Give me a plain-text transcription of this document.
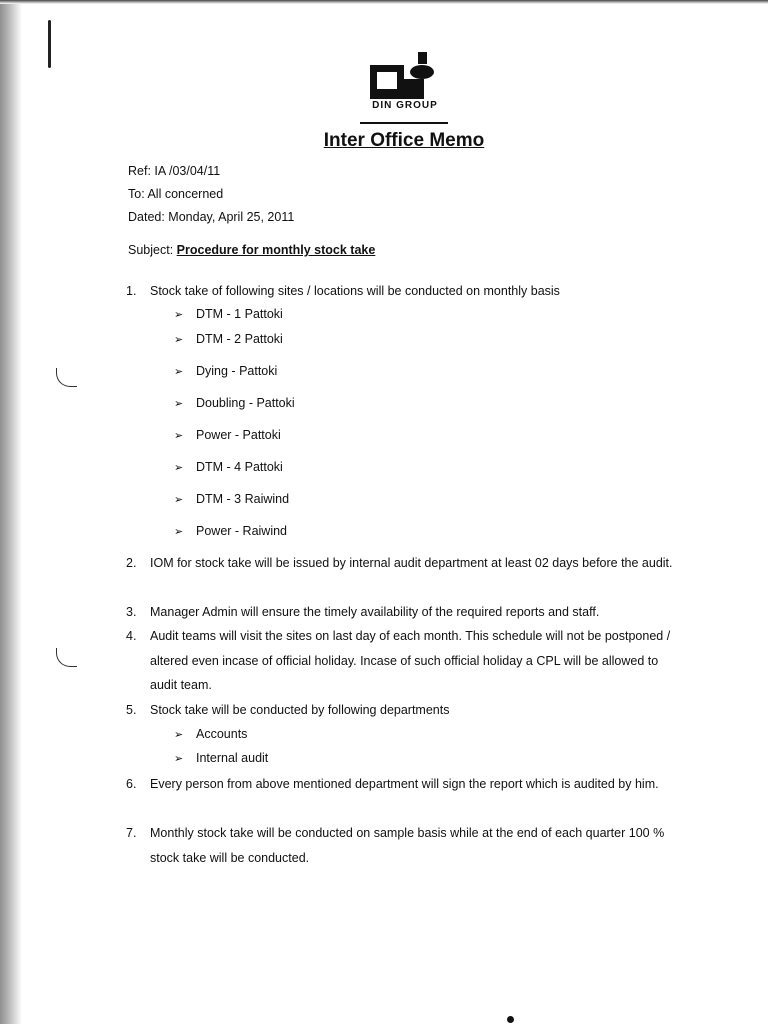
DIN GROUP
Inter Office Memo
Ref: IA /03/04/11
To: All concerned
Dated: Monday, April 25, 2011
Subject: Procedure for monthly stock take
1. Stock take of following sites / locations will be conducted on monthly basis
➢ DTM - 1 Pattoki
➢ DTM - 2 Pattoki
➢ Dying - Pattoki
➢ Doubling - Pattoki
➢ Power - Pattoki
➢ DTM - 4 Pattoki
➢ DTM - 3 Raiwind
➢ Power - Raiwind
2. IOM for stock take will be issued by internal audit department at least 02 days before the audit.
3. Manager Admin will ensure the timely availability of the required reports and staff.
4. Audit teams will visit the sites on last day of each month. This schedule will not be postponed / altered even incase of official holiday. Incase of such official holiday a CPL will be allowed to audit team.
5. Stock take will be conducted by following departments
➢ Accounts
➢ Internal audit
6. Every person from above mentioned department will sign the report which is audited by him.
7. Monthly stock take will be conducted on sample basis while at the end of each quarter 100 % stock take will be conducted.
